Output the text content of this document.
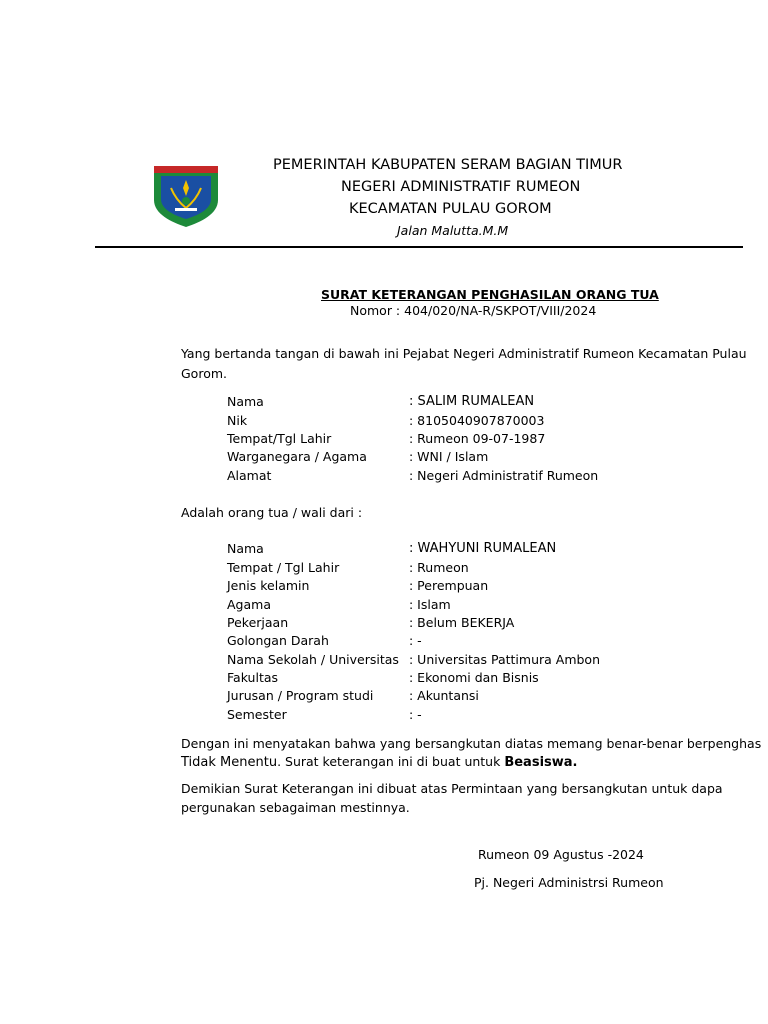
PEMERINTAH KABUPATEN SERAM BAGIAN TIMUR
NEGERI ADMINISTRATIF RUMEON
KECAMATAN PULAU GOROM
Jalan Malutta.M.M
SURAT KETERANGAN PENGHASILAN ORANG TUA
Nomor : 404/020/NA-R/SKPOT/VIII/2024
Yang bertanda tangan di bawah ini Pejabat Negeri Administratif Rumeon Kecamatan Pulau
Gorom.
Nama	: SALIM RUMALEAN
Nik	: 8105040907870003
Tempat/Tgl Lahir	: Rumeon 09-07-1987
Warganegara / Agama	: WNI / Islam
Alamat	: Negeri Administratif Rumeon
Adalah orang tua / wali dari :
Nama	: WAHYUNI RUMALEAN
Tempat / Tgl Lahir	: Rumeon
Jenis kelamin	: Perempuan
Agama	: Islam
Pekerjaan	: Belum BEKERJA
Golongan Darah	: -
Nama Sekolah / Universitas : Universitas Pattimura Ambon
Fakultas	: Ekonomi dan Bisnis
Jurusan / Program studi	: Akuntansi
Semester	: -
Dengan ini menyatakan bahwa yang bersangkutan diatas memang benar-benar berpenghas
Tidak Menentu. Surat keterangan ini di buat untuk Beasiswa.
Demikian Surat Keterangan ini dibuat atas Permintaan yang bersangkutan untuk dapa
pergunakan sebagaiman mestinnya.
Rumeon 09 Agustus -2024
Pj. Negeri Administrsi Rumeon
